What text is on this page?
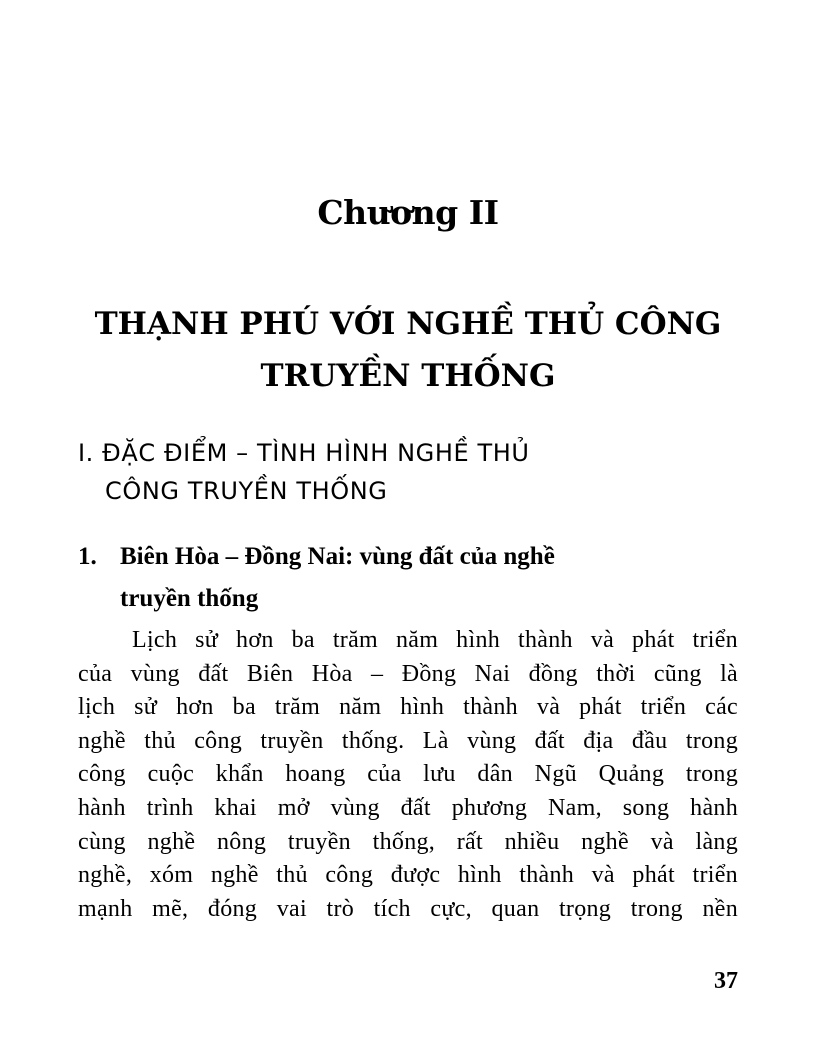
Chương II
THẠNH PHÚ VỚI NGHỀ THỦ CÔNG
TRUYỀN THỐNG
I. ĐẶC ĐIỂM – TÌNH HÌNH NGHỀ THỦ
CÔNG TRUYỀN THỐNG
1. Biên Hòa – Đồng Nai: vùng đất của nghề
truyền thống
Lịch sử hơn ba trăm năm hình thành và phát triển
của vùng đất Biên Hòa – Đồng Nai đồng thời cũng là
lịch sử hơn ba trăm năm hình thành và phát triển các
nghề thủ công truyền thống. Là vùng đất địa đầu trong
công cuộc khẩn hoang của lưu dân Ngũ Quảng trong
hành trình khai mở vùng đất phương Nam, song hành
cùng nghề nông truyền thống, rất nhiều nghề và làng
nghề, xóm nghề thủ công được hình thành và phát triển
mạnh mẽ, đóng vai trò tích cực, quan trọng trong nền
37
